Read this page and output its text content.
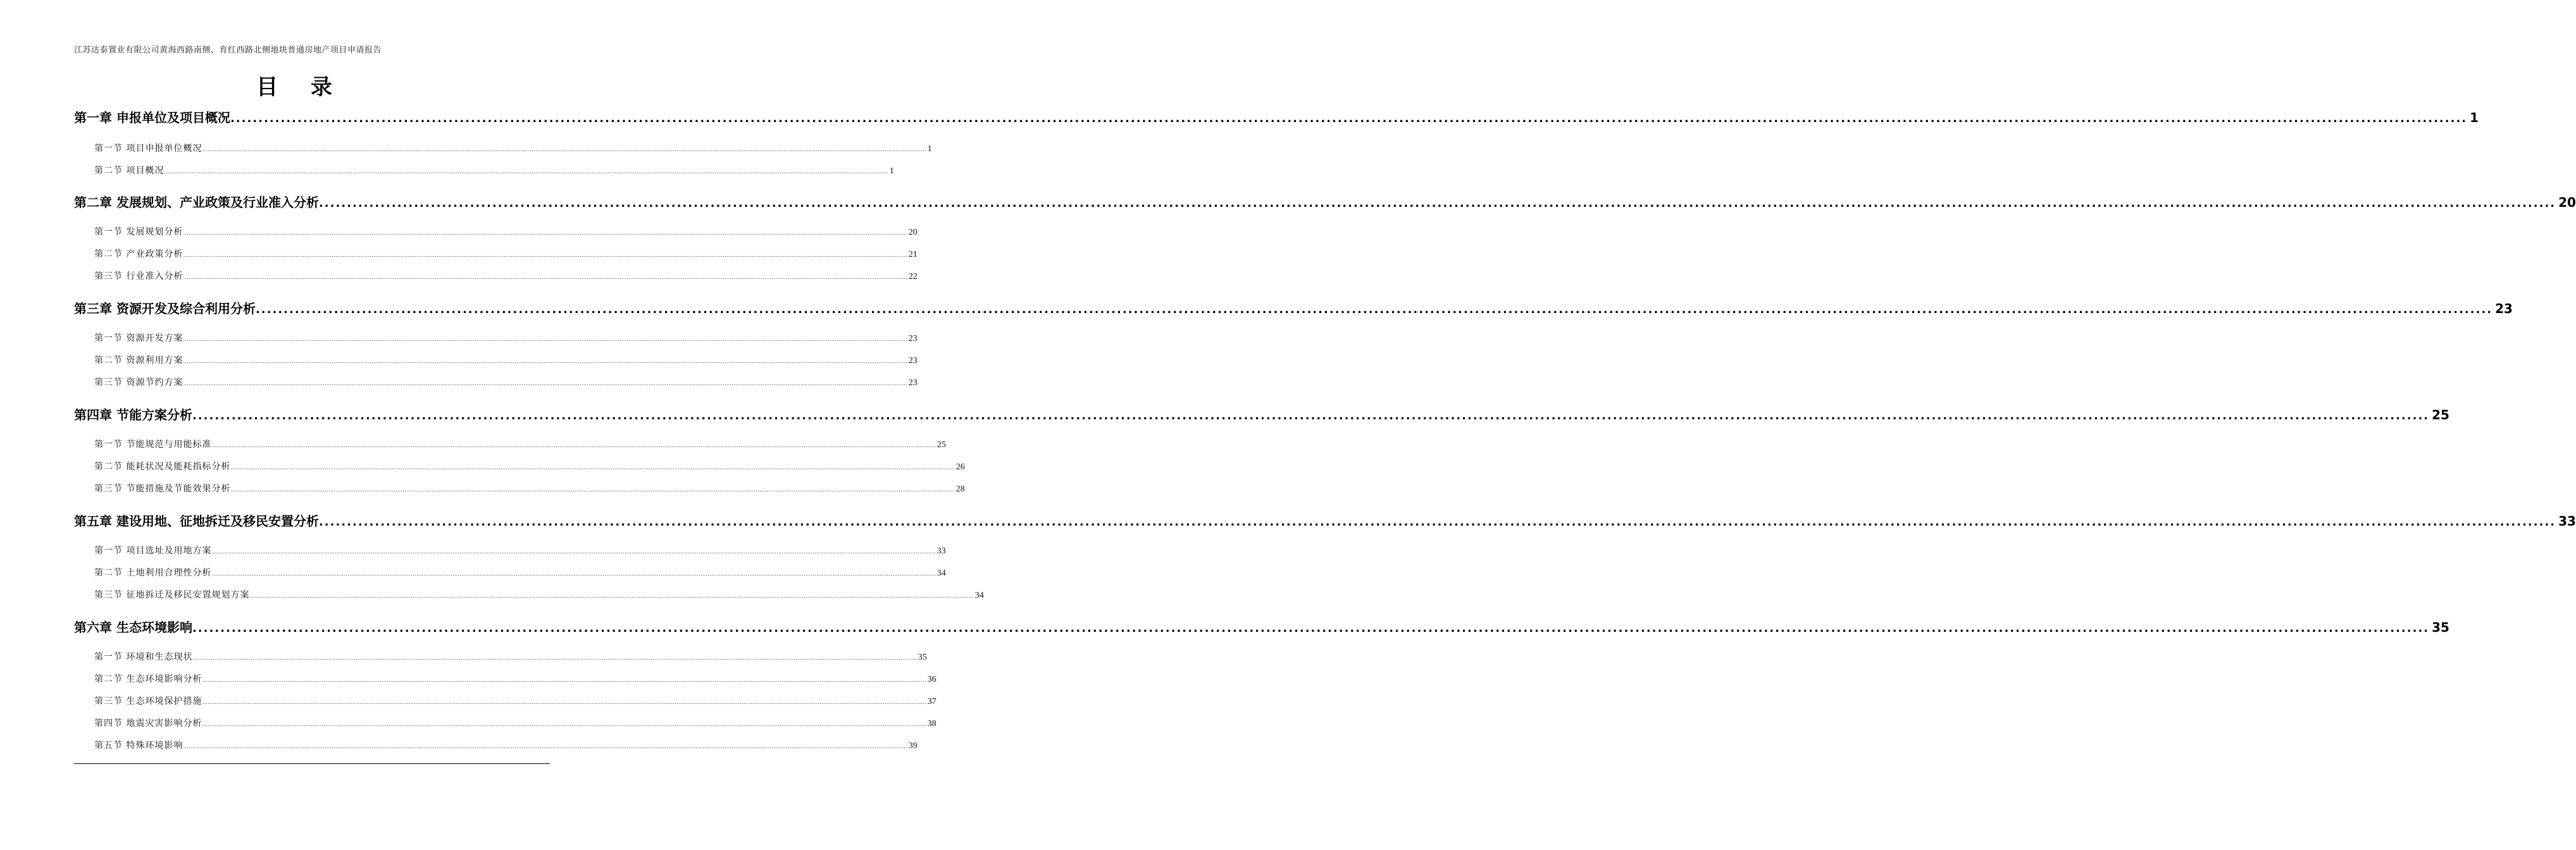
江苏达泰置业有限公司黄海西路南侧、育红西路北侧地块普通房地产项目申请报告
目 录
第一章 申报单位及项目概况 ................................................................................................................................................................................................................................................................................................................................................................................................................ 1
第一节 项目申报单位概况 ................................................................................................................................................................................................................................................................................................................................................................................................................ 1
第二节 项目概况 ................................................................................................................................................................................................................................................................................................................................................................................................................ 1
第二章 发展规划、产业政策及行业准入分析 ................................................................................................................................................................................................................................................................................................................................................................................................................ 20
第一节 发展规划分析 ................................................................................................................................................................................................................................................................................................................................................................................................................ 20
第二节 产业政策分析 ................................................................................................................................................................................................................................................................................................................................................................................................................ 21
第三节 行业准入分析 ................................................................................................................................................................................................................................................................................................................................................................................................................ 22
第三章 资源开发及综合利用分析 ................................................................................................................................................................................................................................................................................................................................................................................................................ 23
第一节 资源开发方案 ................................................................................................................................................................................................................................................................................................................................................................................................................ 23
第二节 资源利用方案 ................................................................................................................................................................................................................................................................................................................................................................................................................ 23
第三节 资源节约方案 ................................................................................................................................................................................................................................................................................................................................................................................................................ 23
第四章 节能方案分析 ................................................................................................................................................................................................................................................................................................................................................................................................................ 25
第一节 节能规范与用能标准 ................................................................................................................................................................................................................................................................................................................................................................................................................ 25
第二节 能耗状况及能耗指标分析 ................................................................................................................................................................................................................................................................................................................................................................................................................ 26
第三节 节能措施及节能效果分析 ................................................................................................................................................................................................................................................................................................................................................................................................................ 28
第五章 建设用地、征地拆迁及移民安置分析 ................................................................................................................................................................................................................................................................................................................................................................................................................ 33
第一节 项目选址及用地方案 ................................................................................................................................................................................................................................................................................................................................................................................................................ 33
第二节 土地利用合理性分析 ................................................................................................................................................................................................................................................................................................................................................................................................................ 34
第三节 征地拆迁及移民安置规划方案 ................................................................................................................................................................................................................................................................................................................................................................................................................ 34
第六章 生态环境影响 ................................................................................................................................................................................................................................................................................................................................................................................................................ 35
第一节 环境和生态现状 ................................................................................................................................................................................................................................................................................................................................................................................................................ 35
第二节 生态环境影响分析 ................................................................................................................................................................................................................................................................................................................................................................................................................ 36
第三节 生态环境保护措施 ................................................................................................................................................................................................................................................................................................................................................................................................................ 37
第四节 地震灾害影响分析 ................................................................................................................................................................................................................................................................................................................................................................................................................ 38
第五节 特殊环境影响 ................................................................................................................................................................................................................................................................................................................................................................................................................ 39
